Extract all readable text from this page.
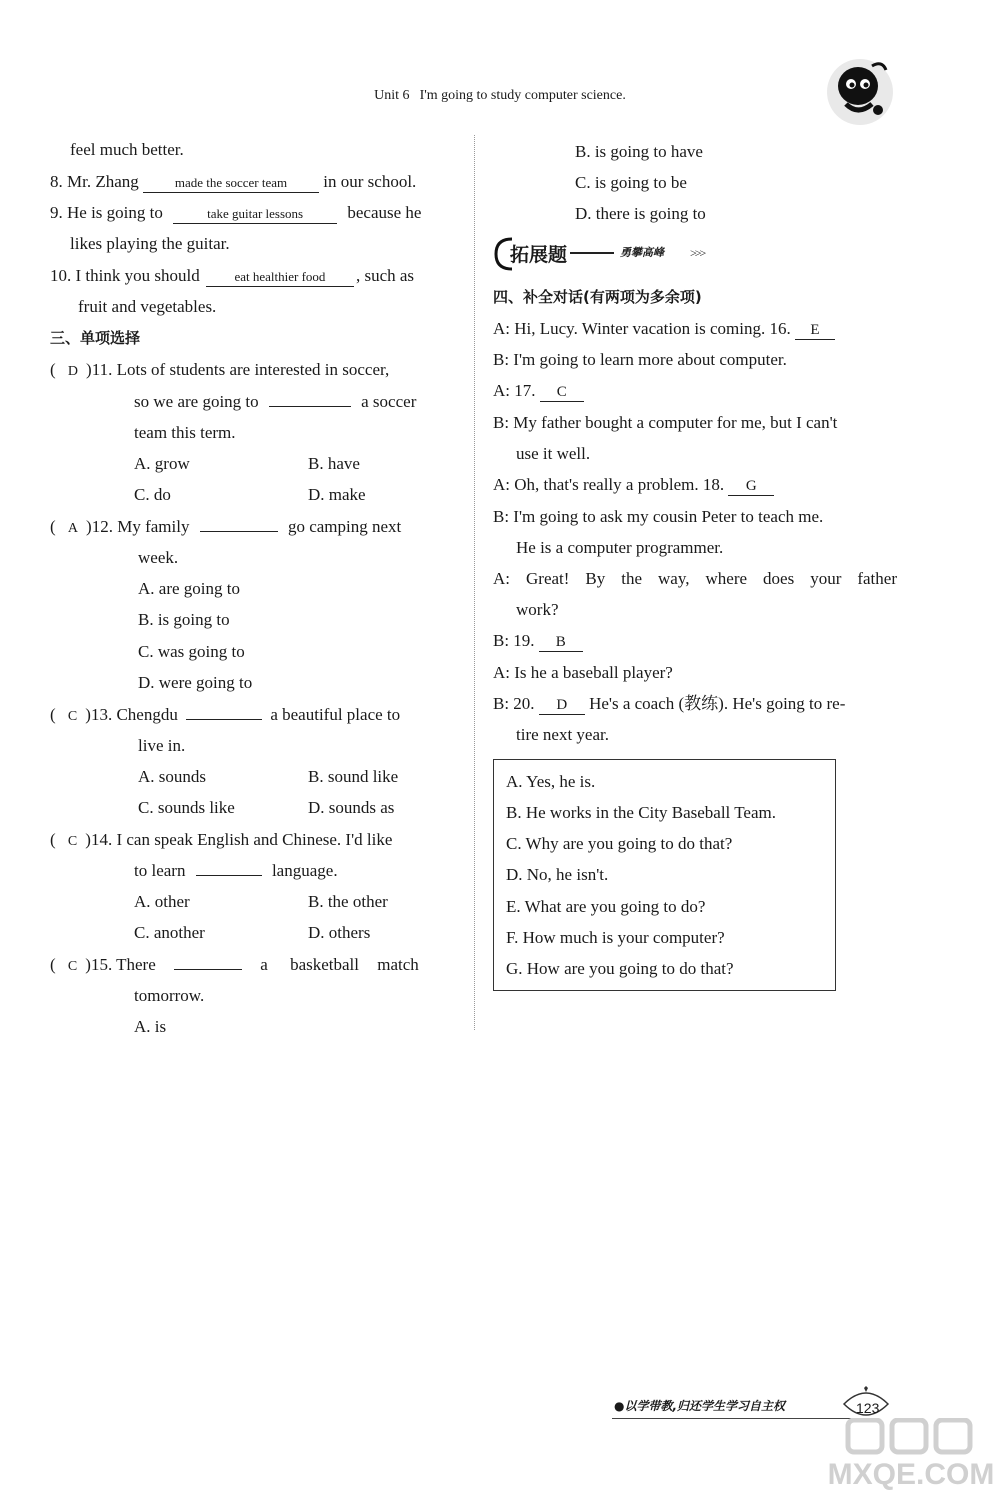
Unit 6 I'm going to study computer science.
feel much better.
8. Mr. Zhang	made the soccer team in our school.
9. He is going to	take guitar lessons	because he
likes playing the guitar.
10. I think you should	eat healthier food , such as
fruit and vegetables.
三、单项选择
( D )11. Lots of students are interested in soccer,
so we are going to	a soccer
team this term.
A. grow	B. have
C. do	D. make
( A )12. My family	go camping next
week.
A. are going to
B. is going to
C. was going to
D. were going to
( C )13. Chengdu	a beautiful place to
live in.
A. sounds	B. sound like
C. sounds like	D. sounds as
( C )14. I can speak English and Chinese. I'd like
to learn	language.
A. other	B. the other
C. another	D. others
( C )15. There	a basketball match
tomorrow.
A. is
B. is going to have
C. is going to be
D. there is going to
拓展题	勇攀高峰 >>>
四、补全对话(有两项为多余项)
A: Hi, Lucy. Winter vacation is coming. 16. E
B: I'm going to learn more about computer.
A: 17. C
B: My father bought a computer for me, but I can't
use it well.
A: Oh, that's really a problem. 18. G
B: I'm going to ask my cousin Peter to teach me.
He is a computer programmer.
A: Great! By the way, where does your father
work?
B: 19. B
A: Is he a baseball player?
B: 20. D He's a coach (教练). He's going to re-
tire next year.
A. Yes, he is.
B. He works in the City Baseball Team.
C. Why are you going to do that?
D. No, he isn't.
E. What are you going to do?
F. How much is your computer?
G. How are you going to do that?
●以学带教,归还学生学习自主权	123
MXQE.COM
